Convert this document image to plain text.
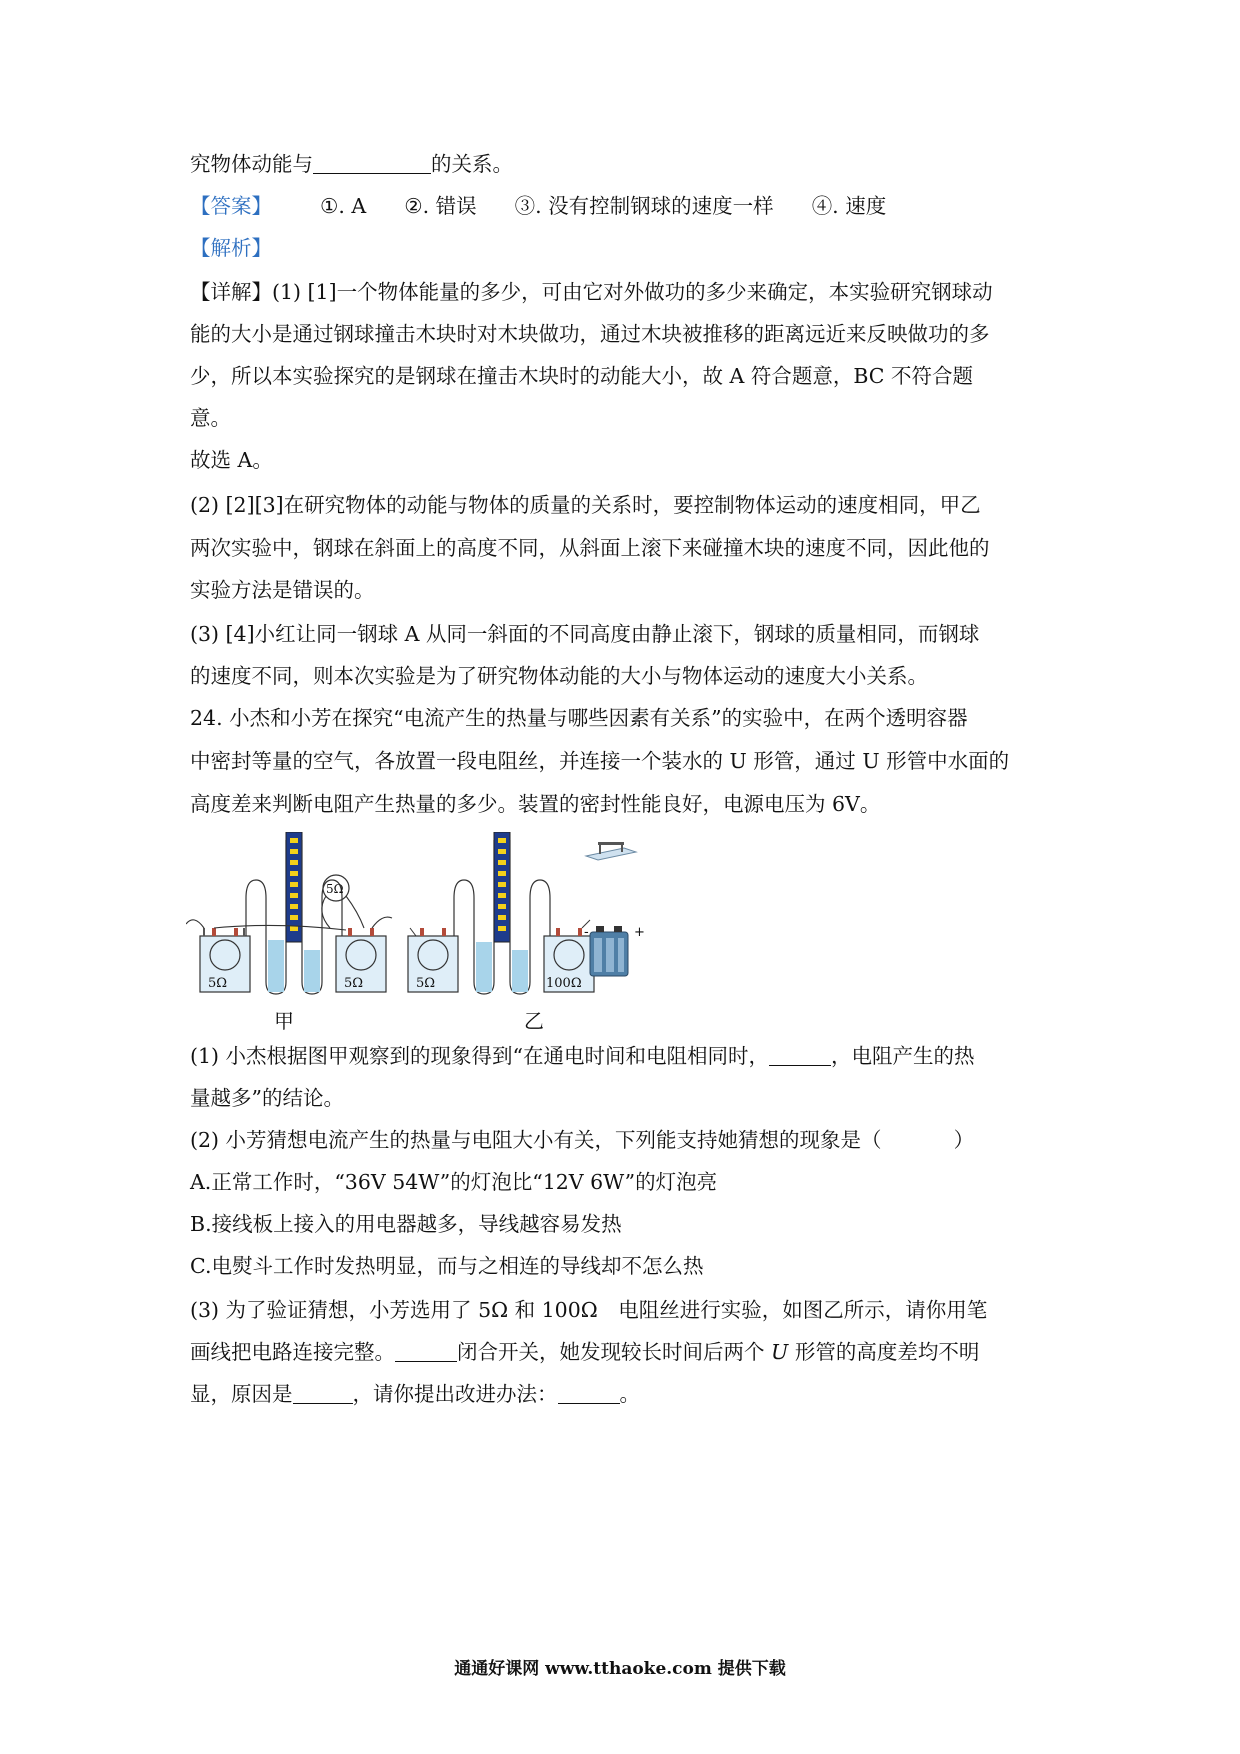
究物体动能与	的关系。
【答案】 ①. A ②. 错误 ③. 没有控制钢球的速度一样 ④. 速度
【解析】
【详解】(1) [1]一个物体能量的多少，可由它对外做功的多少来确定，本实验研究钢球动
能的大小是通过钢球撞击木块时对木块做功，通过木块被推移的距离远近来反映做功的多
少，所以本实验探究的是钢球在撞击木块时的动能大小，故 A 符合题意，BC 不符合题
意。
故选 A。
(2) [2][3]在研究物体的动能与物体的质量的关系时，要控制物体运动的速度相同，甲乙
两次实验中，钢球在斜面上的高度不同，从斜面上滚下来碰撞木块的速度不同，因此他的
实验方法是错误的。
(3) [4]小红让同一钢球 A 从同一斜面的不同高度由静止滚下，钢球的质量相同，而钢球
的速度不同，则本次实验是为了研究物体动能的大小与物体运动的速度大小关系。
24. 小杰和小芳在探究“电流产生的热量与哪些因素有关系”的实验中，在两个透明容器
中密封等量的空气，各放置一段电阻丝，并连接一个装水的 U 形管，通过 U 形管中水面的
高度差来判断电阻产生热量的多少。装置的密封性能良好，电源电压为 6V。
5Ω	5Ω
5Ω
甲
5Ω	100Ω
乙
-	+
(1) 小杰根据图甲观察到的现象得到“在通电时间和电阻相同时，	，电阻产生的热
量越多”的结论。
(2) 小芳猜想电流产生的热量与电阻大小有关，下列能支持她猜想的现象是（	）
A.正常工作时，“36V 54W”的灯泡比“12V 6W”的灯泡亮
B.接线板上接入的用电器越多，导线越容易发热
C.电熨斗工作时发热明显，而与之相连的导线却不怎么热
(3) 为了验证猜想，小芳选用了 5Ω 和 100Ω　电阻丝进行实验，如图乙所示，请你用笔
画线把电路连接完整。	闭合开关，她发现较长时间后两个 U 形管的高度差均不明
显，原因是	，请你提出改进办法：	。
通通好课网 www.tthaoke.com 提供下载
